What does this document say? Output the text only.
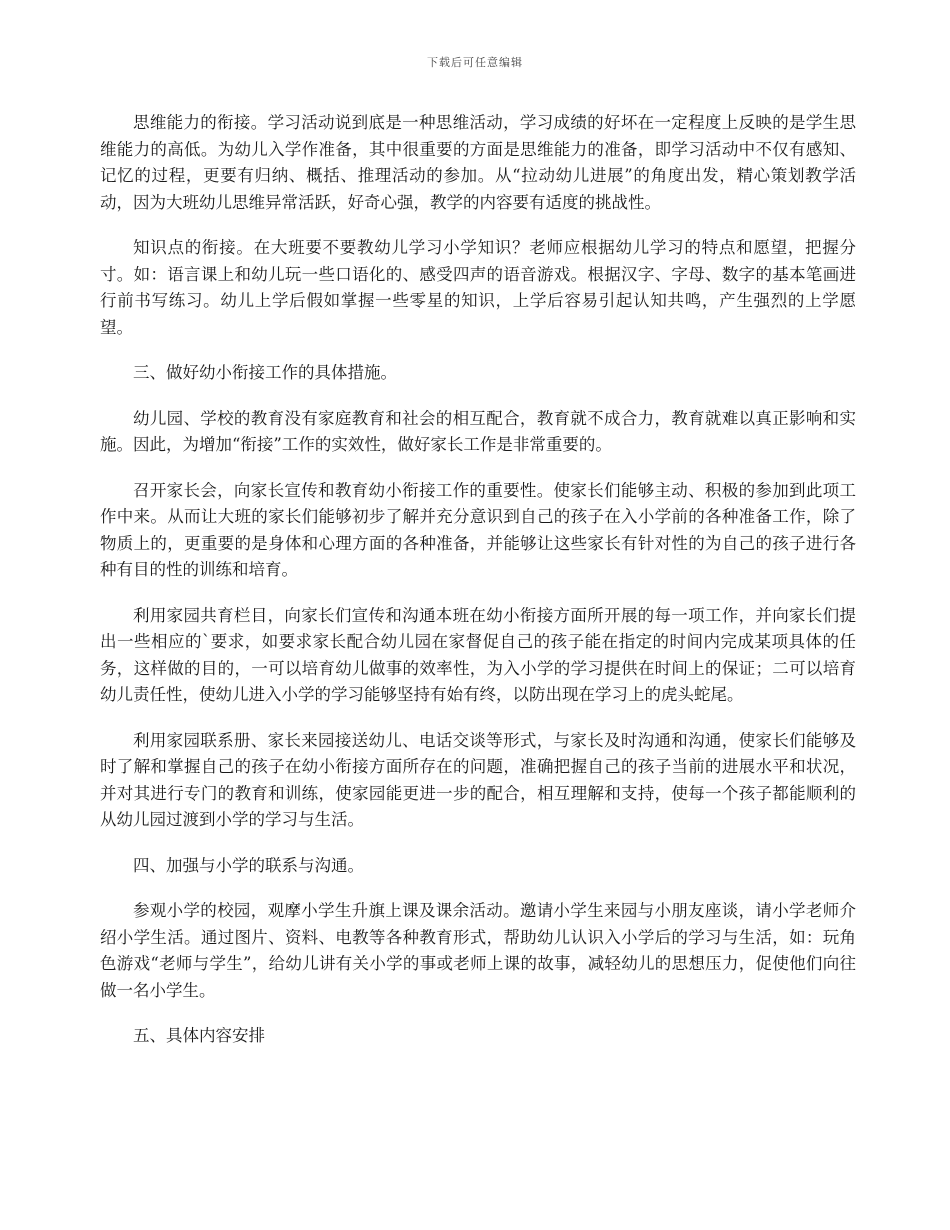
下载后可任意编辑

思维能力的衔接。学习活动说到底是一种思维活动，学习成绩的好坏在一定程度上反映的是学生思维能力的高低。为幼儿入学作准备，其中很重要的方面是思维能力的准备，即学习活动中不仅有感知、记忆的过程，更要有归纳、概括、推理活动的参加。从“拉动幼儿进展”的角度出发，精心策划教学活动，因为大班幼儿思维异常活跃，好奇心强，教学的内容要有适度的挑战性。

知识点的衔接。在大班要不要教幼儿学习小学知识？老师应根据幼儿学习的特点和愿望，把握分寸。如：语言课上和幼儿玩一些口语化的、感受四声的语音游戏。根据汉字、字母、数字的基本笔画进行前书写练习。幼儿上学后假如掌握一些零星的知识，上学后容易引起认知共鸣，产生强烈的上学愿望。

三、做好幼小衔接工作的具体措施。

幼儿园、学校的教育没有家庭教育和社会的相互配合，教育就不成合力，教育就难以真正影响和实施。因此，为增加“衔接”工作的实效性，做好家长工作是非常重要的。

召开家长会，向家长宣传和教育幼小衔接工作的重要性。使家长们能够主动、积极的参加到此项工作中来。从而让大班的家长们能够初步了解并充分意识到自己的孩子在入小学前的各种准备工作，除了物质上的，更重要的是身体和心理方面的各种准备，并能够让这些家长有针对性的为自己的孩子进行各种有目的性的训练和培育。

利用家园共育栏目，向家长们宣传和沟通本班在幼小衔接方面所开展的每一项工作，并向家长们提出一些相应的`要求，如要求家长配合幼儿园在家督促自己的孩子能在指定的时间内完成某项具体的任务，这样做的目的，一可以培育幼儿做事的效率性，为入小学的学习提供在时间上的保证；二可以培育幼儿责任性，使幼儿进入小学的学习能够坚持有始有终，以防出现在学习上的虎头蛇尾。

利用家园联系册、家长来园接送幼儿、电话交谈等形式，与家长及时沟通和沟通，使家长们能够及时了解和掌握自己的孩子在幼小衔接方面所存在的问题，准确把握自己的孩子当前的进展水平和状况，并对其进行专门的教育和训练，使家园能更进一步的配合，相互理解和支持，使每一个孩子都能顺利的从幼儿园过渡到小学的学习与生活。

四、加强与小学的联系与沟通。

参观小学的校园，观摩小学生升旗上课及课余活动。邀请小学生来园与小朋友座谈，请小学老师介绍小学生活。通过图片、资料、电教等各种教育形式，帮助幼儿认识入小学后的学习与生活，如：玩角色游戏“老师与学生”，给幼儿讲有关小学的事或老师上课的故事，减轻幼儿的思想压力，促使他们向往做一名小学生。

五、具体内容安排
